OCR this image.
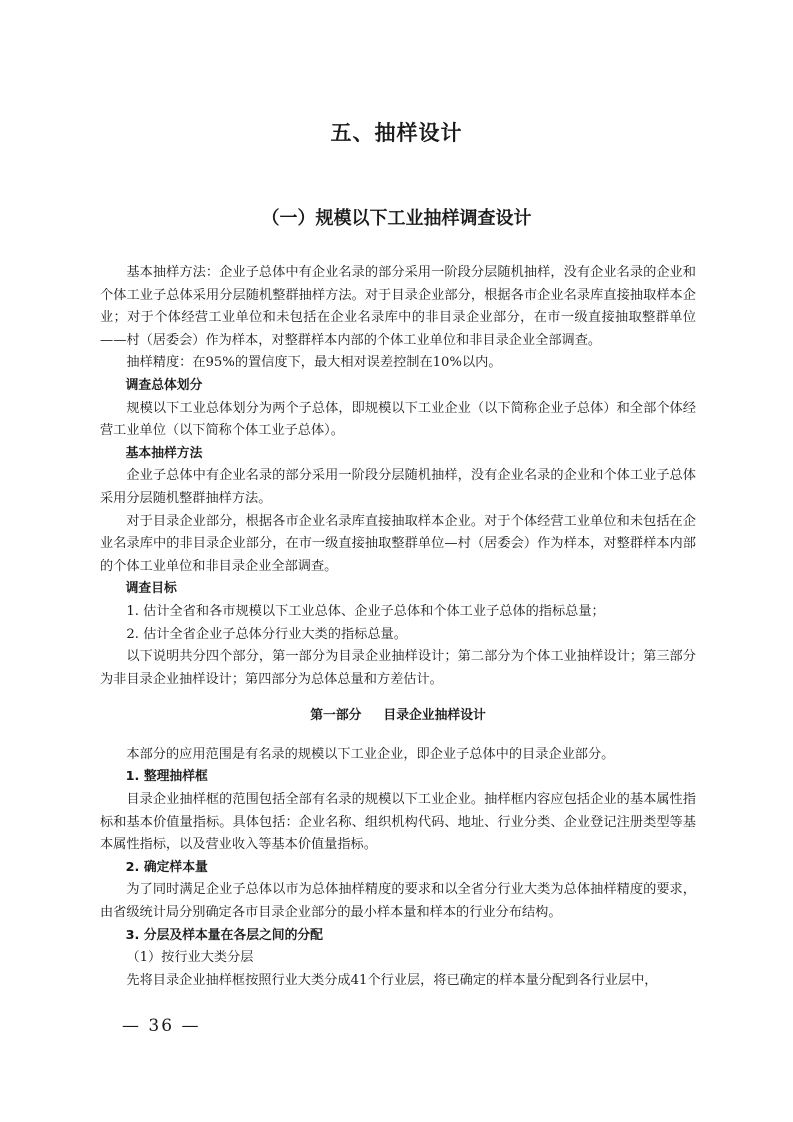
五、抽样设计
（一）规模以下工业抽样调查设计

基本抽样方法：企业子总体中有企业名录的部分采用一阶段分层随机抽样，没有企业名录的企业和个体工业子总体采用分层随机整群抽样方法。对于目录企业部分，根据各市企业名录库直接抽取样本企业；对于个体经营工业单位和未包括在企业名录库中的非目录企业部分，在市一级直接抽取整群单位——村（居委会）作为样本，对整群样本内部的个体工业单位和非目录企业全部调查。

抽样精度：在95%的置信度下，最大相对误差控制在10%以内。

调查总体划分

规模以下工业总体划分为两个子总体，即规模以下工业企业（以下简称企业子总体）和全部个体经营工业单位（以下简称个体工业子总体）。

基本抽样方法

企业子总体中有企业名录的部分采用一阶段分层随机抽样，没有企业名录的企业和个体工业子总体采用分层随机整群抽样方法。

对于目录企业部分，根据各市企业名录库直接抽取样本企业。对于个体经营工业单位和未包括在企业名录库中的非目录企业部分，在市一级直接抽取整群单位—村（居委会）作为样本，对整群样本内部的个体工业单位和非目录企业全部调查。

调查目标

1. 估计全省和各市规模以下工业总体、企业子总体和个体工业子总体的指标总量；

2. 估计全省企业子总体分行业大类的指标总量。

以下说明共分四个部分，第一部分为目录企业抽样设计；第二部分为个体工业抽样设计；第三部分为非目录企业抽样设计；第四部分为总体总量和方差估计。

第一部分 目录企业抽样设计

本部分的应用范围是有名录的规模以下工业企业，即企业子总体中的目录企业部分。

1. 整理抽样框

目录企业抽样框的范围包括全部有名录的规模以下工业企业。抽样框内容应包括企业的基本属性指标和基本价值量指标。具体包括：企业名称、组织机构代码、地址、行业分类、企业登记注册类型等基本属性指标，以及营业收入等基本价值量指标。

2. 确定样本量

为了同时满足企业子总体以市为总体抽样精度的要求和以全省分行业大类为总体抽样精度的要求，由省级统计局分别确定各市目录企业部分的最小样本量和样本的行业分布结构。

3. 分层及样本量在各层之间的分配

（1）按行业大类分层

先将目录企业抽样框按照行业大类分成41个行业层，将已确定的样本量分配到各行业层中，

— 36 —
